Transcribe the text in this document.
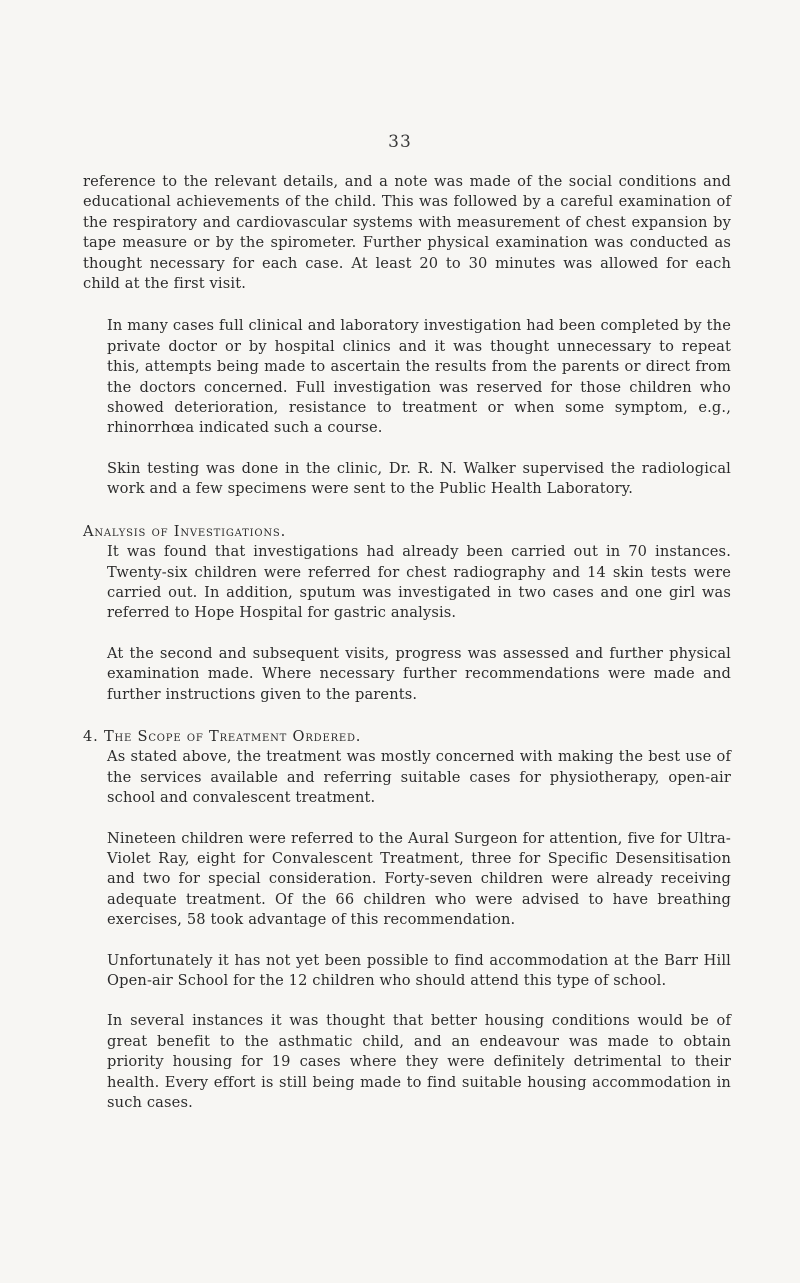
33

reference to the relevant details, and a note was made of the social conditions and educational achievements of the child. This was followed by a careful examination of the respiratory and cardiovascular systems with measurement of chest expansion by tape measure or by the spirometer. Further physical examination was conducted as thought necessary for each case. At least 20 to 30 minutes was allowed for each child at the first visit.

In many cases full clinical and laboratory investigation had been completed by the private doctor or by hospital clinics and it was thought unnecessary to repeat this, attempts being made to ascertain the results from the parents or direct from the doctors concerned. Full investigation was reserved for those children who showed deterioration, resistance to treatment or when some symptom, e.g., rhinorrhœa indicated such a course.

Skin testing was done in the clinic, Dr. R. N. Walker supervised the radiological work and a few specimens were sent to the Public Health Laboratory.

Analysis of Investigations.

It was found that investigations had already been carried out in 70 instances. Twenty-six children were referred for chest radiography and 14 skin tests were carried out. In addition, sputum was investigated in two cases and one girl was referred to Hope Hospital for gastric analysis.

At the second and subsequent visits, progress was assessed and further physical examination made. Where necessary further recommendations were made and further instructions given to the parents.

4. The Scope of Treatment Ordered.

As stated above, the treatment was mostly concerned with making the best use of the services available and referring suitable cases for physiotherapy, open-air school and convalescent treatment.

Nineteen children were referred to the Aural Surgeon for attention, five for Ultra-Violet Ray, eight for Convalescent Treatment, three for Specific Desensitisation and two for special consideration. Forty-seven children were already receiving adequate treatment. Of the 66 children who were advised to have breathing exercises, 58 took advantage of this recommendation.

Unfortunately it has not yet been possible to find accommodation at the Barr Hill Open-air School for the 12 children who should attend this type of school.

In several instances it was thought that better housing conditions would be of great benefit to the asthmatic child, and an endeavour was made to obtain priority housing for 19 cases where they were definitely detrimental to their health. Every effort is still being made to find suitable housing accommodation in such cases.
